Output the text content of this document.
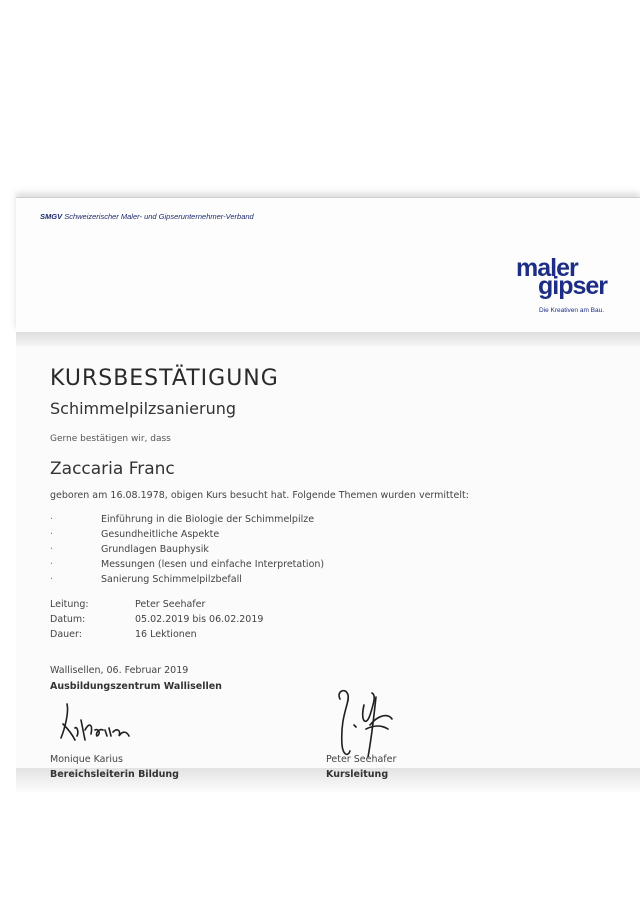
SMGV Schweizerischer Maler- und Gipserunternehmer-Verband
maler
gipser
Die Kreativen am Bau.
KURSBESTÄTIGUNG
Schimmelpilzsanierung
Gerne bestätigen wir, dass
Zaccaria Franc
geboren am 16.08.1978, obigen Kurs besucht hat. Folgende Themen wurden vermittelt:
·	Einführung in die Biologie der Schimmelpilze
·	Gesundheitliche Aspekte
·	Grundlagen Bauphysik
·	Messungen (lesen und einfache Interpretation)
·	Sanierung Schimmelpilzbefall
Leitung:	Peter Seehafer
Datum:	05.02.2019 bis 06.02.2019
Dauer:	16 Lektionen
Wallisellen, 06. Februar 2019
Ausbildungszentrum Wallisellen
Monique Karius
Bereichsleiterin Bildung
Peter Seehafer
Kursleitung
